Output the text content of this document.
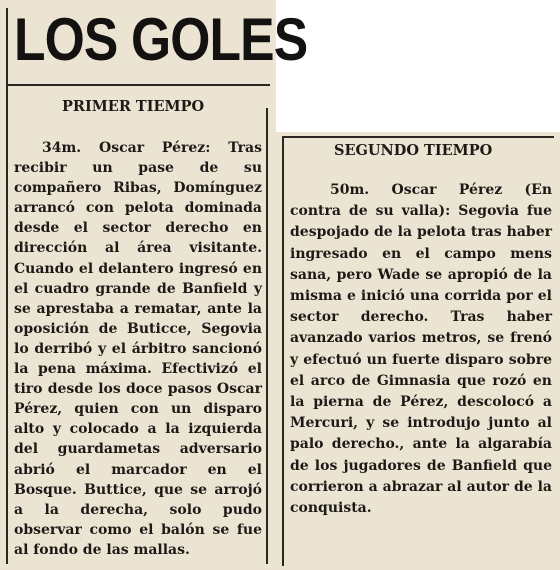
LOS GOLES
PRIMER TIEMPO

34m. Oscar Pérez: Tras recibir un pase de su compañero Ribas, Domínguez arrancó con pelota dominada desde el sector derecho en dirección al área visitante. Cuando el delantero ingresó en el cuadro grande de Banfield y se aprestaba a rematar, ante la oposición de Buticce, Segovia lo derribó y el árbitro sancionó la pena máxima. Efectivizó el tiro desde los doce pasos Oscar Pérez, quien con un disparo alto y colocado a la izquierda del guardametas adversario abrió el marcador en el Bosque. Buttice, que se arrojó a la derecha, solo pudo observar como el balón se fue al fondo de las mallas.

SEGUNDO TIEMPO

50m. Oscar Pérez (En contra de su valla): Segovia fue despojado de la pelota tras haber ingresado en el campo mens sana, pero Wade se apropió de la misma e inició una corrida por el sector derecho. Tras haber avanzado varios metros, se frenó y efectuó un fuerte disparo sobre el arco de Gimnasia que rozó en la pierna de Pérez, descolocó a Mercuri, y se introdujo junto al palo derecho., ante la algarabía de los jugadores de Banfield que corrieron a abrazar al autor de la conquista.
